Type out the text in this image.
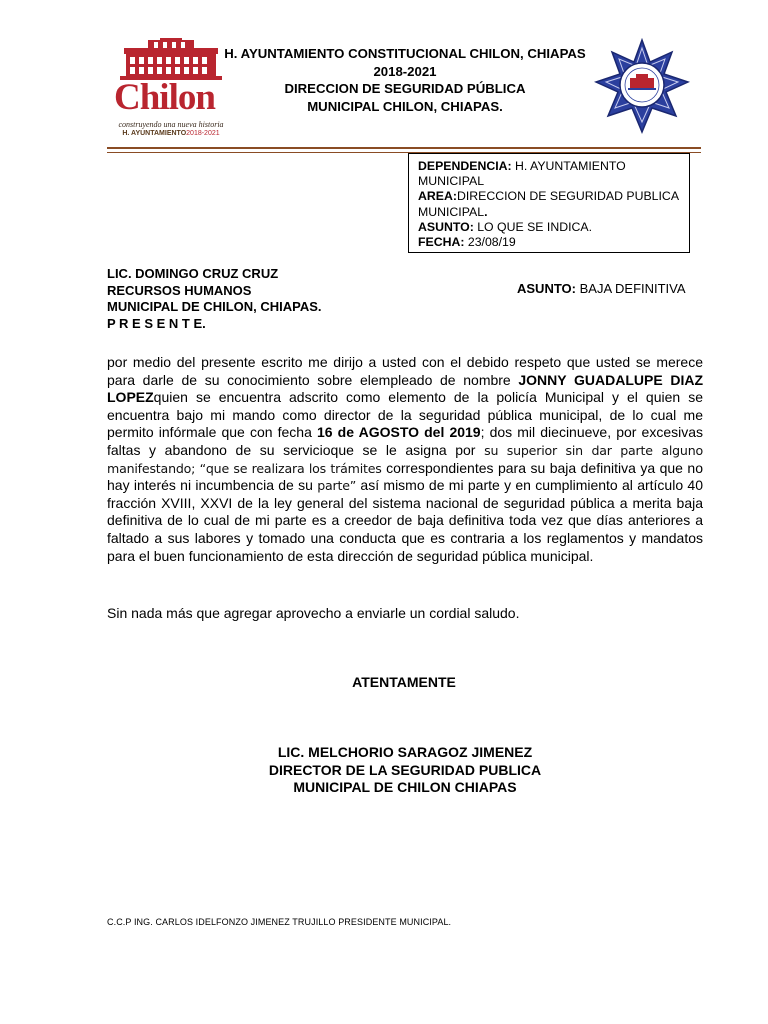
Chilon
construyendo una nueva historia
H. AYUNTAMIENTO2018-2021
H. AYUNTAMIENTO CONSTITUCIONAL CHILON, CHIAPAS
2018-2021
DIRECCION DE SEGURIDAD PÚBLICA
MUNICIPAL CHILON, CHIAPAS.
DEPENDENCIA: H. AYUNTAMIENTO MUNICIPAL
AREA:DIRECCION DE SEGURIDAD PUBLICA MUNICIPAL.
ASUNTO: LO QUE SE INDICA.
FECHA: 23/08/19
LIC. DOMINGO CRUZ CRUZ
RECURSOS HUMANOS
MUNICIPAL DE CHILON, CHIAPAS.
P R E S E N T E.
ASUNTO: BAJA DEFINITIVA
por medio del presente escrito me dirijo a usted con el debido respeto que usted se merece para darle de su conocimiento sobre elempleado de nombre JONNY GUADALUPE DIAZ LOPEZquien se encuentra adscrito como elemento de la policía Municipal y el quien se encuentra bajo mi mando como director de la seguridad pública municipal, de lo cual me permito infórmale que con fecha 16 de AGOSTO del 2019; dos mil diecinueve, por excesivas faltas y abandono de su servicioque se le asigna por su superior sin dar parte alguno manifestando; “que se realizara los trámites correspondientes para su baja definitiva ya que no hay interés ni incumbencia de su parte” así mismo de mi parte y en cumplimiento al artículo 40 fracción XVIII, XXVI de la ley general del sistema nacional de seguridad pública a merita baja definitiva de lo cual de mi parte es a creedor de baja definitiva toda vez que días anteriores a faltado a sus labores y tomado una conducta que es contraria a los reglamentos y mandatos para el buen funcionamiento de esta dirección de seguridad pública municipal.
Sin nada más que agregar aprovecho a enviarle un cordial saludo.
ATENTAMENTE
LIC. MELCHORIO SARAGOZ JIMENEZ
DIRECTOR DE LA SEGURIDAD PUBLICA
MUNICIPAL DE CHILON CHIAPAS
C.C.P ING. CARLOS IDELFONZO JIMENEZ TRUJILLO PRESIDENTE MUNICIPAL.
